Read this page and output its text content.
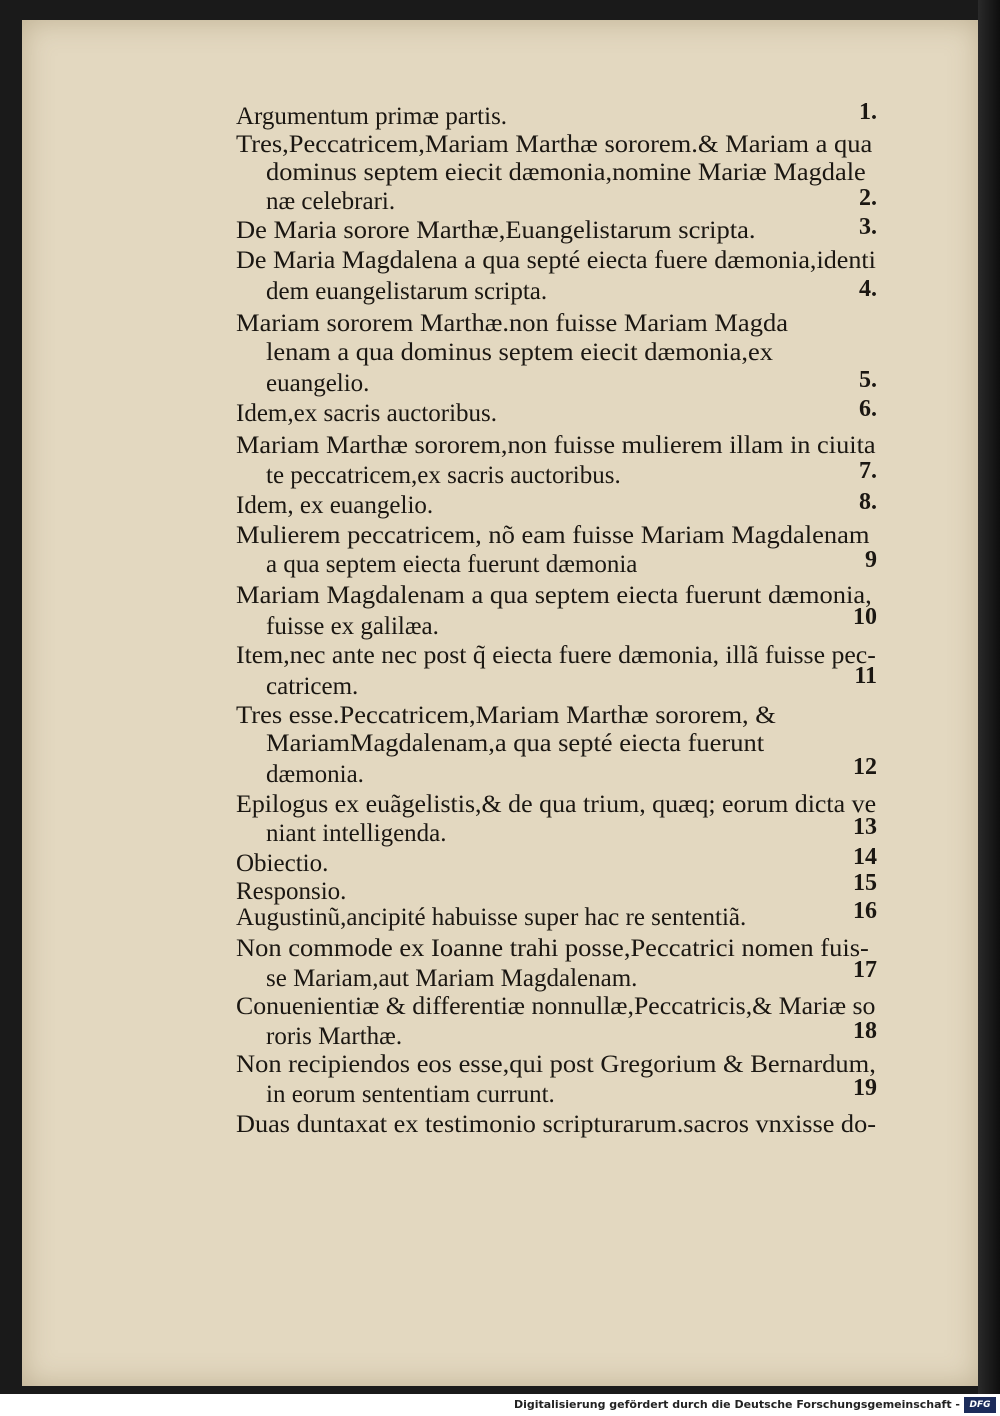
Argumentum primæ partis.	1.
Tres,Peccatricem,Mariam Marthæ sororem.& Mariam a qua
dominus septem eiecit dæmonia,nomine Mariæ Magdale
næ celebrari.	2.
De Maria sorore Marthæ,Euangelistarum scripta.	3.
De Maria Magdalena a qua septé eiecta fuere dæmonia,identi
dem euangelistarum scripta.	4.
Mariam sororem Marthæ.non fuisse Mariam Magda
lenam a qua dominus septem eiecit dæmonia,ex
euangelio.	5.
Idem,ex sacris auctoribus.	6.
Mariam Marthæ sororem,non fuisse mulierem illam in ciuita
te peccatricem,ex sacris auctoribus.	7.
Idem, ex euangelio.	8.
Mulierem peccatricem, nõ eam fuisse Mariam Magdalenam
a qua septem eiecta fuerunt dæmonia	9
Mariam Magdalenam a qua septem eiecta fuerunt dæmonia,
fuisse ex galilæa.	10
Item,nec ante nec post q̃ eiecta fuere dæmonia, illã fuisse pec-
catricem.	11
Tres esse.Peccatricem,Mariam Marthæ sororem, &
MariamMagdalenam,a qua septé eiecta fuerunt
dæmonia.	12
Epilogus ex euãgelistis,& de qua trium, quæq; eorum dicta ve
niant intelligenda.	13
Obiectio.	14
Responsio.	15
Augustinũ,ancipité habuisse super hac re sententiã.	16
Non commode ex Ioanne trahi posse,Peccatrici nomen fuis-
se Mariam,aut Mariam Magdalenam.	17
Conuenientiæ & differentiæ nonnullæ,Peccatricis,& Mariæ so
roris Marthæ.	18
Non recipiendos eos esse,qui post Gregorium & Bernardum,
in eorum sententiam currunt.	19
Duas duntaxat ex testimonio scripturarum.sacros vnxisse do-
Digitalisierung gefördert durch die Deutsche Forschungsgemeinschaft -	DFG
